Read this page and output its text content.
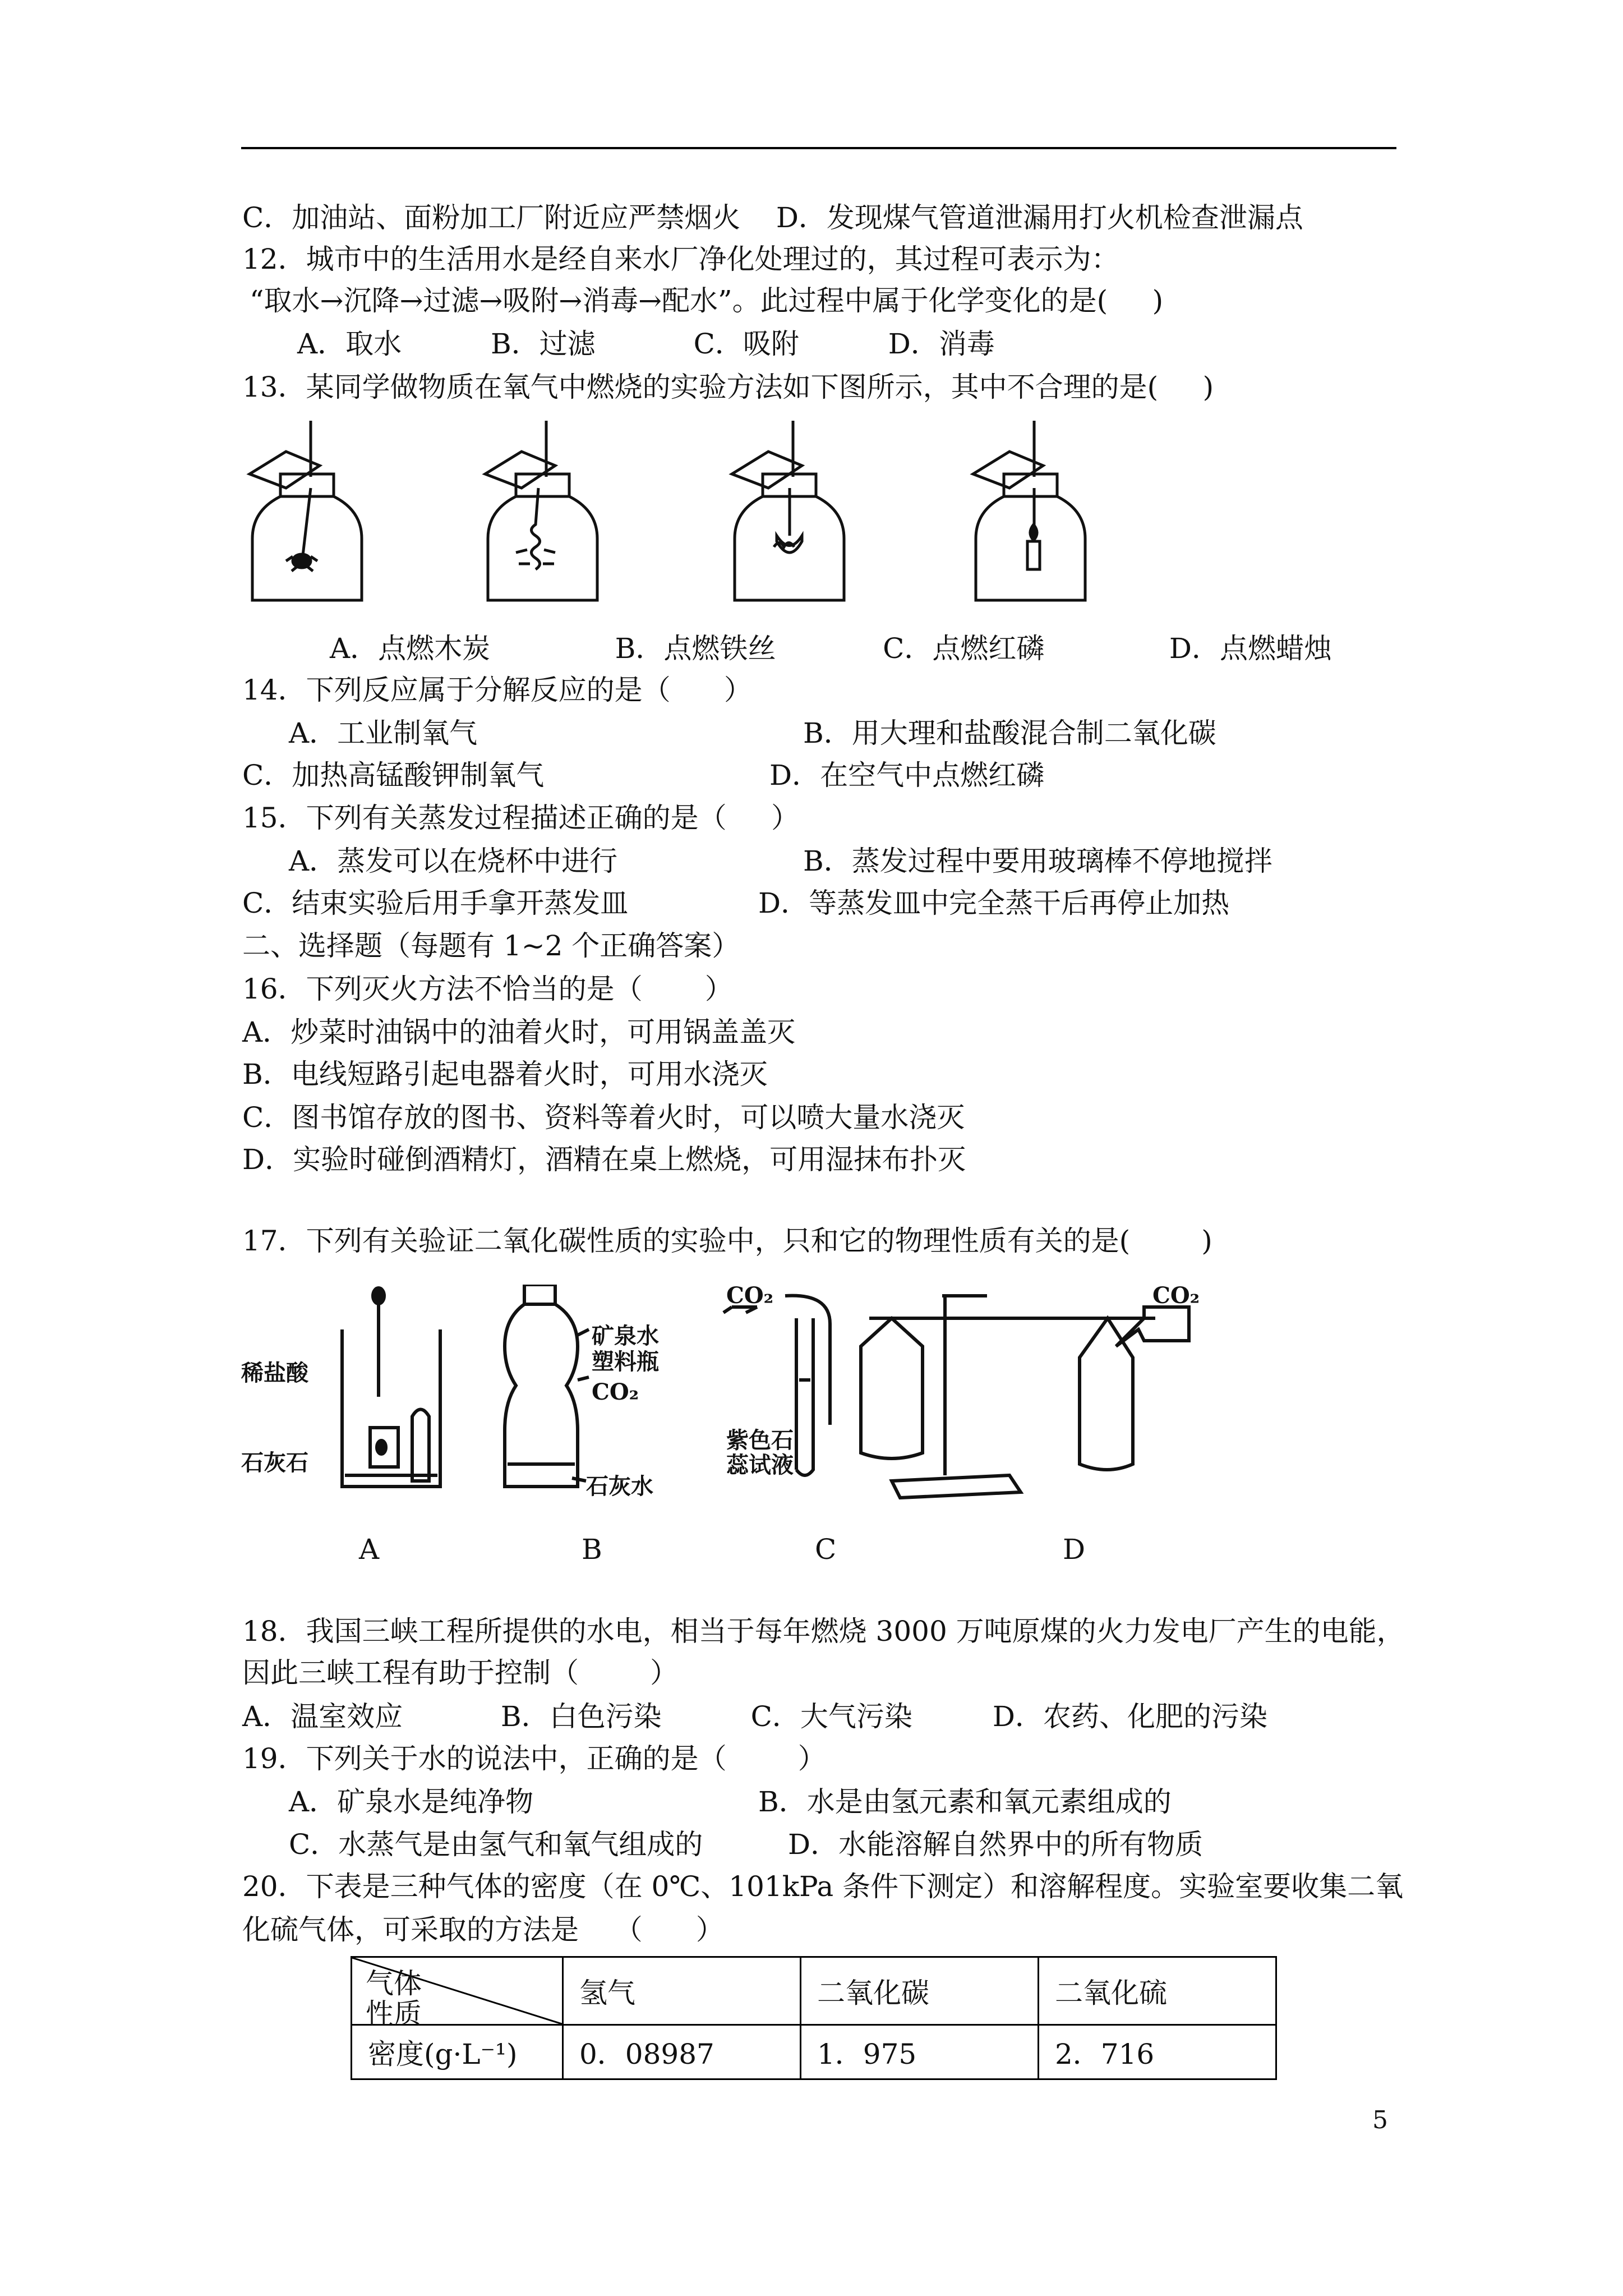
C．加油站、面粉加工厂附近应严禁烟火    D．发现煤气管道泄漏用打火机检查泄漏点
12．城市中的生活用水是经自来水厂净化处理过的，其过程可表示为：
“取水→沉降→过滤→吸附→消毒→配水”。此过程中属于化学变化的是(     )
A．取水          B．过滤           C．吸附          D．消毒
13．某同学做物质在氧气中燃烧的实验方法如下图所示，其中不合理的是(     )
A．点燃木炭              B．点燃铁丝            C．点燃红磷              D．点燃蜡烛
14．下列反应属于分解反应的是（      ）
A．工业制氧气	B．用大理和盐酸混合制二氧化碳
C．加热高锰酸钾制氧气	D．在空气中点燃红磷
15．下列有关蒸发过程描述正确的是（     ）
A．蒸发可以在烧杯中进行	B．蒸发过程中要用玻璃棒不停地搅拌
C．结束实验后用手拿开蒸发皿	D．等蒸发皿中完全蒸干后再停止加热
二、选择题（每题有 1~2 个正确答案）
16．下列灭火方法不恰当的是（       ）
A．炒菜时油锅中的油着火时，可用锅盖盖灭
B．电线短路引起电器着火时，可用水浇灭
C．图书馆存放的图书、资料等着火时，可以喷大量水浇灭
D．实验时碰倒酒精灯，酒精在桌上燃烧，可用湿抹布扑灭
17．下列有关验证二氧化碳性质的实验中，只和它的物理性质有关的是(        )
稀盐酸
石灰石
矿泉水
塑料瓶
CO₂
石灰水
CO₂
紫色石
蕊试液
CO₂
A	B	C	D
18．我国三峡工程所提供的水电，相当于每年燃烧 3000 万吨原煤的火力发电厂产生的电能，
因此三峡工程有助于控制（        ）
A．温室效应           B．白色污染          C．大气污染         D．农药、化肥的污染
19．下列关于水的说法中，正确的是（        ）
A．矿泉水是纯净物	B．水是由氢元素和氧元素组成的
C．水蒸气是由氢气和氧气组成的	D．水能溶解自然界中的所有物质
20．下表是三种气体的密度（在 0℃、101kPa 条件下测定）和溶解程度。实验室要收集二氧
化硫气体，可采取的方法是    （      ）
气体
性质	氢气	二氧化碳	二氧化硫
密度(g·L⁻¹)	0．08987	1．975	2．716
5
